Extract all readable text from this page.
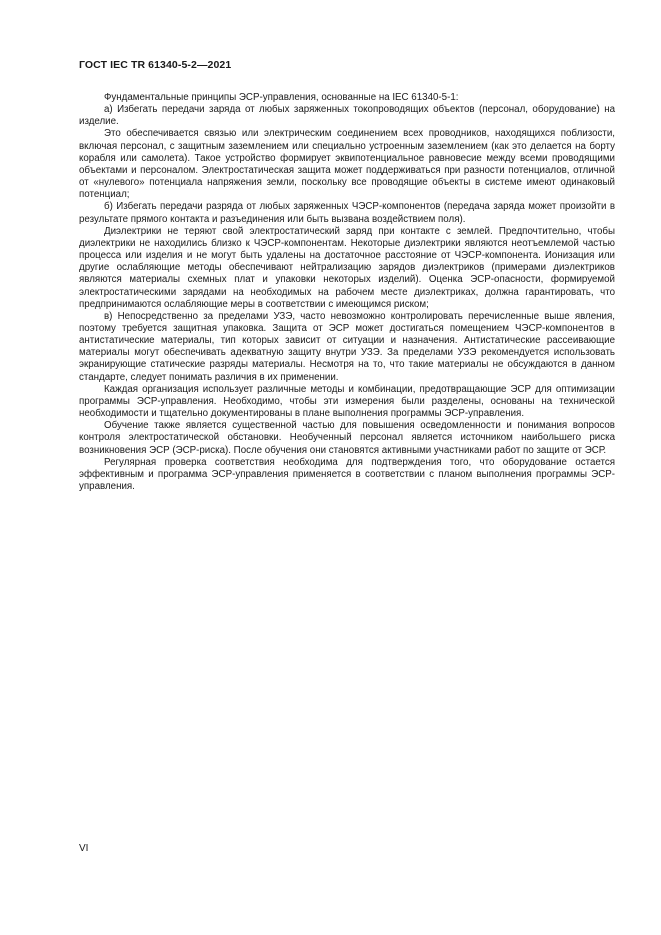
ГОСТ IEC TR 61340-5-2—2021

Фундаментальные принципы ЭСР-управления, основанные на IEC 61340-5-1:

а) Избегать передачи заряда от любых заряженных токопроводящих объектов (персонал, оборудование) на изделие.

Это обеспечивается связью или электрическим соединением всех проводников, находящихся поблизости, включая персонал, с защитным заземлением или специально устроенным заземлением (как это делается на борту корабля или самолета). Такое устройство формирует эквипотенциальное равновесие между всеми проводящими объектами и персоналом. Электростатическая защита может поддерживаться при разности потенциалов, отличной от «нулевого» потенциала напряжения земли, поскольку все проводящие объекты в системе имеют одинаковый потенциал;

б) Избегать передачи разряда от любых заряженных ЧЭСР-компонентов (передача заряда может произойти в результате прямого контакта и разъединения или быть вызвана воздействием поля).

Диэлектрики не теряют свой электростатический заряд при контакте с землей. Предпочтительно, чтобы диэлектрики не находились близко к ЧЭСР-компонентам. Некоторые диэлектрики являются неотъемлемой частью процесса или изделия и не могут быть удалены на достаточное расстояние от ЧЭСР-компонента. Ионизация или другие ослабляющие методы обеспечивают нейтрализацию зарядов диэлектриков (примерами диэлектриков являются материалы схемных плат и упаковки некоторых изделий). Оценка ЭСР-опасности, формируемой электростатическими зарядами на необходимых на рабочем месте диэлектриках, должна гарантировать, что предпринимаются ослабляющие меры в соответствии с имеющимся риском;

в) Непосредственно за пределами УЗЭ, часто невозможно контролировать перечисленные выше явления, поэтому требуется защитная упаковка. Защита от ЭСР может достигаться помещением ЧЭСР-компонентов в антистатические материалы, тип которых зависит от ситуации и назначения. Антистатические рассеивающие материалы могут обеспечивать адекватную защиту внутри УЗЭ. За пределами УЗЭ рекомендуется использовать экранирующие статические разряды материалы. Несмотря на то, что такие материалы не обсуждаются в данном стандарте, следует понимать различия в их применении.

Каждая организация использует различные методы и комбинации, предотвращающие ЭСР для оптимизации программы ЭСР-управления. Необходимо, чтобы эти измерения были разделены, основаны на технической необходимости и тщательно документированы в плане выполнения программы ЭСР-управления.

Обучение также является существенной частью для повышения осведомленности и понимания вопросов контроля электростатической обстановки. Необученный персонал является источником наибольшего риска возникновения ЭСР (ЭСР-риска). После обучения они становятся активными участниками работ по защите от ЭСР.

Регулярная проверка соответствия необходима для подтверждения того, что оборудование остается эффективным и программа ЭСР-управления применяется в соответствии с планом выполнения программы ЭСР-управления.

VI
